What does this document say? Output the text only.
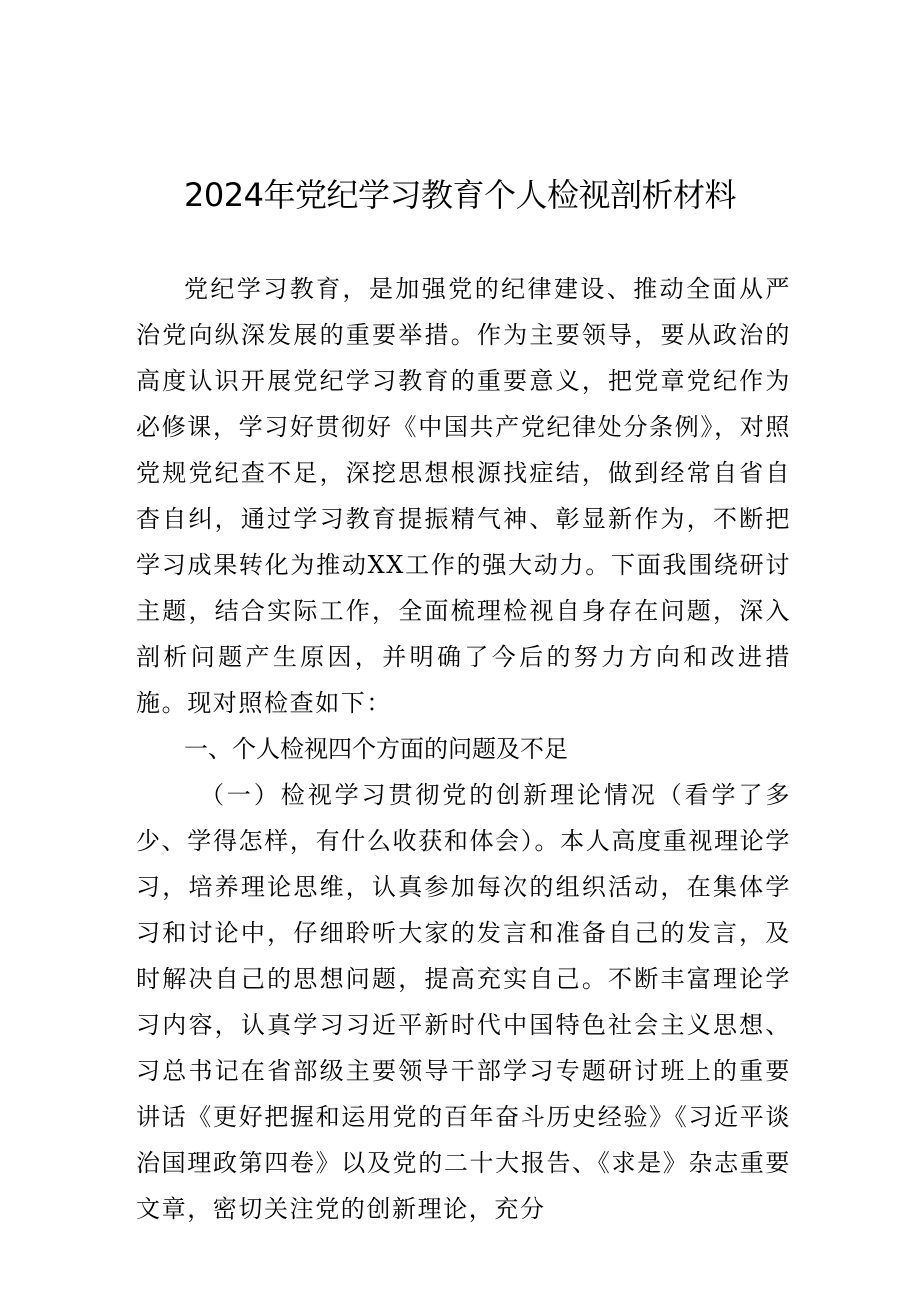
2024年党纪学习教育个人检视剖析材料

党纪学习教育，是加强党的纪律建设、推动全面从严治党向纵深发展的重要举措。作为主要领导，要从政治的高度认识开展党纪学习教育的重要意义，把党章党纪作为必修课，学习好贯彻好《中国共产党纪律处分条例》，对照党规党纪查不足，深挖思想根源找症结，做到经常自省自杳自纠，通过学习教育提振精气神、彰显新作为，不断把学习成果转化为推动XX工作的强大动力。下面我围绕研讨主题，结合实际工作，全面梳理检视自身存在问题，深入剖析问题产生原因，并明确了今后的努力方向和改进措施。现对照检查如下：

一、个人检视四个方面的问题及不足

（一）检视学习贯彻党的创新理论情况（看学了多少、学得怎样，有什么收获和体会）。本人高度重视理论学习，培养理论思维，认真参加每次的组织活动，在集体学习和讨论中，仔细聆听大家的发言和准备自己的发言，及时解决自己的思想问题，提高充实自己。不断丰富理论学习内容，认真学习习近平新时代中国特色社会主义思想、习总书记在省部级主要领导干部学习专题研讨班上的重要讲话《更好把握和运用党的百年奋斗历史经验》《习近平谈治国理政第四卷》以及党的二十大报告、《求是》杂志重要文章，密切关注党的创新理论，充分
